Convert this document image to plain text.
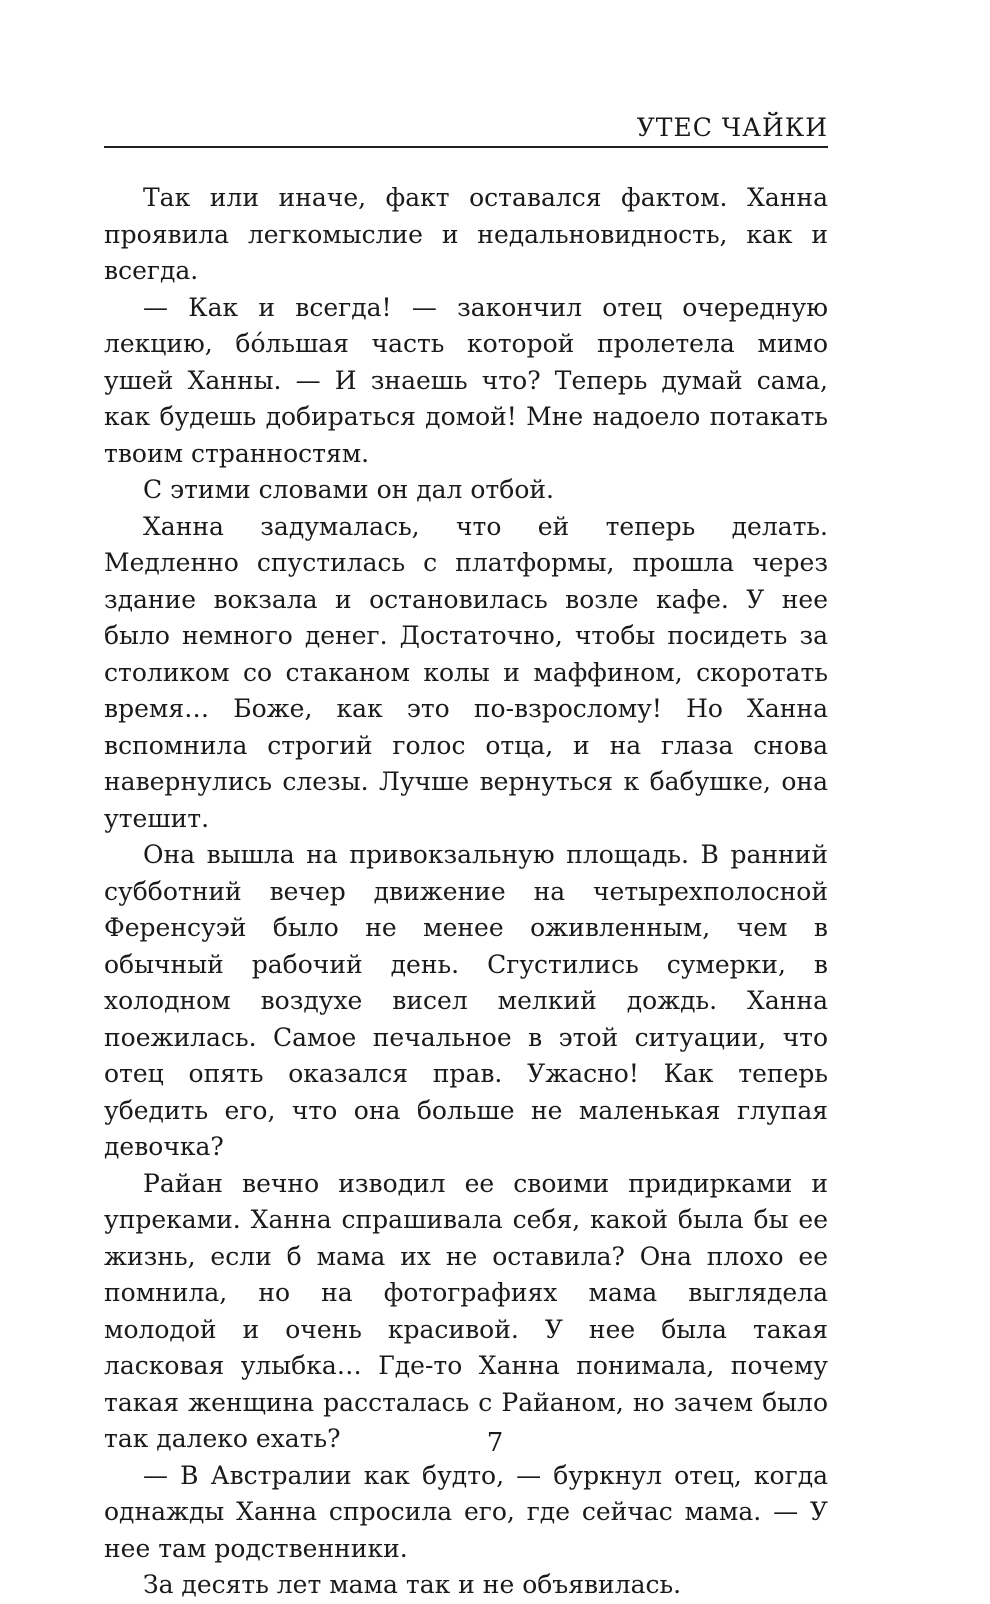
УТЕС ЧАЙКИ

Так или иначе, факт оставался фактом. Ханна проявила легкомыслие и недальновидность, как и всегда.

— Как и всегда! — закончил отец очередную лекцию, бóльшая часть которой пролетела мимо ушей Ханны. — И знаешь что? Теперь думай сама, как будешь добираться домой! Мне надоело потакать твоим странностям.

С этими словами он дал отбой.

Ханна задумалась, что ей теперь делать. Медленно спустилась с платформы, прошла через здание вокзала и остановилась возле кафе. У нее было немного денег. Достаточно, чтобы посидеть за столиком со стаканом колы и маффином, скоротать время… Боже, как это по-взрослому! Но Ханна вспомнила строгий голос отца, и на глаза снова навернулись слезы. Лучше вернуться к бабушке, она утешит.

Она вышла на привокзальную площадь. В ранний субботний вечер движение на четырехполосной Ференсуэй было не менее оживленным, чем в обычный рабочий день. Сгустились сумерки, в холодном воздухе висел мелкий дождь. Ханна поежилась. Самое печальное в этой ситуации, что отец опять оказался прав. Ужасно! Как теперь убедить его, что она больше не маленькая глупая девочка?

Райан вечно изводил ее своими придирками и упреками. Ханна спрашивала себя, какой была бы ее жизнь, если б мама их не оставила? Она плохо ее помнила, но на фотографиях мама выглядела молодой и очень красивой. У нее была такая ласковая улыбка… Где-то Ханна понимала, почему такая женщина рассталась с Райаном, но зачем было так далеко ехать?

— В Австралии как будто, — буркнул отец, когда однажды Ханна спросила его, где сейчас мама. — У нее там родственники.

За десять лет мама так и не объявилась.

7
